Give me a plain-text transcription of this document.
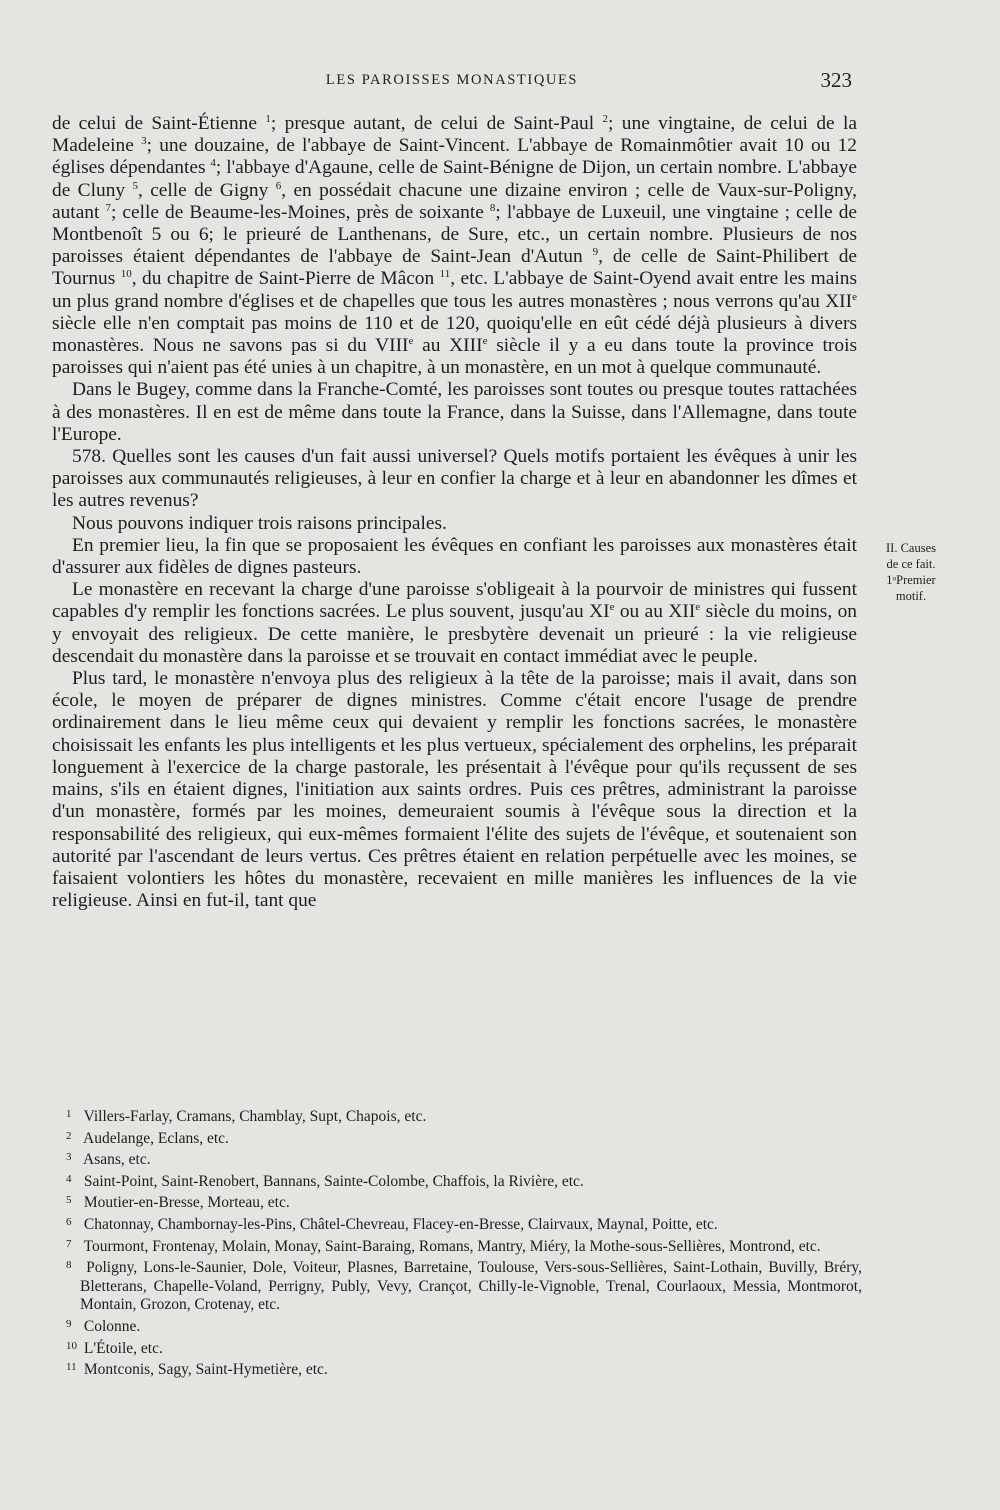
LES PAROISSES MONASTIQUES	323

de celui de Saint-Étienne $^1$; presque autant, de celui de Saint-Paul $^2$; une vingtaine, de celui de la Madeleine $^3$; une douzaine, de l'abbaye de Saint-Vincent. L'abbaye de Romainmôtier avait 10 ou 12 églises dépendantes $^4$; l'abbaye d'Agaune, celle de Saint-Bénigne de Dijon, un certain nombre. L'abbaye de Cluny $^5$, celle de Gigny $^6$, en possédait chacune une dizaine environ ; celle de Vaux-sur-Poligny, autant $^7$; celle de Beaume-les-Moines, près de soixante $^8$; l'abbaye de Luxeuil, une vingtaine ; celle de Montbenoît 5 ou 6; le prieuré de Lanthenans, de Sure, etc., un certain nombre. Plusieurs de nos paroisses étaient dépendantes de l'abbaye de Saint-Jean d'Autun $^9$, de celle de Saint-Philibert de Tournus $^{10}$, du chapitre de Saint-Pierre de Mâcon $^{11}$, etc. L'abbaye de Saint-Oyend avait entre les mains un plus grand nombre d'églises et de chapelles que tous les autres monastères ; nous verrons qu'au XIIe siècle elle n'en comptait pas moins de 110 et de 120, quoiqu'elle en eût cédé déjà plusieurs à divers monastères. Nous ne savons pas si du VIIIe au XIIIe siècle il y a eu dans toute la province trois paroisses qui n'aient pas été unies à un chapitre, à un monastère, en un mot à quelque communauté.

Dans le Bugey, comme dans la Franche-Comté, les paroisses sont toutes ou presque toutes rattachées à des monastères. Il en est de même dans toute la France, dans la Suisse, dans l'Allemagne, dans toute l'Europe.

578. Quelles sont les causes d'un fait aussi universel? Quels motifs portaient les évêques à unir les paroisses aux communautés religieuses, à leur en confier la charge et à leur en abandonner les dîmes et les autres revenus?

Nous pouvons indiquer trois raisons principales.

En premier lieu, la fin que se proposaient les évêques en confiant les paroisses aux monastères était d'assurer aux fidèles de dignes pasteurs.

Le monastère en recevant la charge d'une paroisse s'obligeait à la pourvoir de ministres qui fussent capables d'y remplir les fonctions sacrées. Le plus souvent, jusqu'au XIe ou au XIIe siècle du moins, on y envoyait des religieux. De cette manière, le presbytère devenait un prieuré : la vie religieuse descendait du monastère dans la paroisse et se trouvait en contact immédiat avec le peuple.

Plus tard, le monastère n'envoya plus des religieux à la tête de la paroisse; mais il avait, dans son école, le moyen de préparer de dignes ministres. Comme c'était encore l'usage de prendre ordinairement dans le lieu même ceux qui devaient y remplir les fonctions sacrées, le monastère choisissait les enfants les plus intelligents et les plus vertueux, spécialement des orphelins, les préparait longuement à l'exercice de la charge pastorale, les présentait à l'évêque pour qu'ils reçussent de ses mains, s'ils en étaient dignes, l'initiation aux saints ordres. Puis ces prêtres, administrant la paroisse d'un monastère, formés par les moines, demeuraient soumis à l'évêque sous la direction et la responsabilité des religieux, qui eux-mêmes formaient l'élite des sujets de l'évêque, et soutenaient son autorité par l'ascendant de leurs vertus. Ces prêtres étaient en relation perpétuelle avec les moines, se faisaient volontiers les hôtes du monastère, recevaient en mille manières les influences de la vie religieuse. Ainsi en fut-il, tant que

II. Causes
de ce fait.
1ᵒPremier
motif.
1 Villers-Farlay, Cramans, Chamblay, Supt, Chapois, etc.
2 Audelange, Eclans, etc.
3 Asans, etc.
4 Saint-Point, Saint-Renobert, Bannans, Sainte-Colombe, Chaffois, la Rivière, etc.
5 Moutier-en-Bresse, Morteau, etc.
6 Chatonnay, Chambornay-les-Pins, Châtel-Chevreau, Flacey-en-Bresse, Clairvaux, Maynal, Poitte, etc.
7 Tourmont, Frontenay, Molain, Monay, Saint-Baraing, Romans, Mantry, Miéry, la Mothe-sous-Sellières, Montrond, etc.
8 Poligny, Lons-le-Saunier, Dole, Voiteur, Plasnes, Barretaine, Toulouse, Vers-sous-Sellières, Saint-Lothain, Buvilly, Bréry, Bletterans, Chapelle-Voland, Perrigny, Publy, Vevy, Crançot, Chilly-le-Vignoble, Trenal, Courlaoux, Messia, Montmorot, Montain, Grozon, Crotenay, etc.
9 Colonne.
10 L'Étoile, etc.
11 Montconis, Sagy, Saint-Hymetière, etc.
